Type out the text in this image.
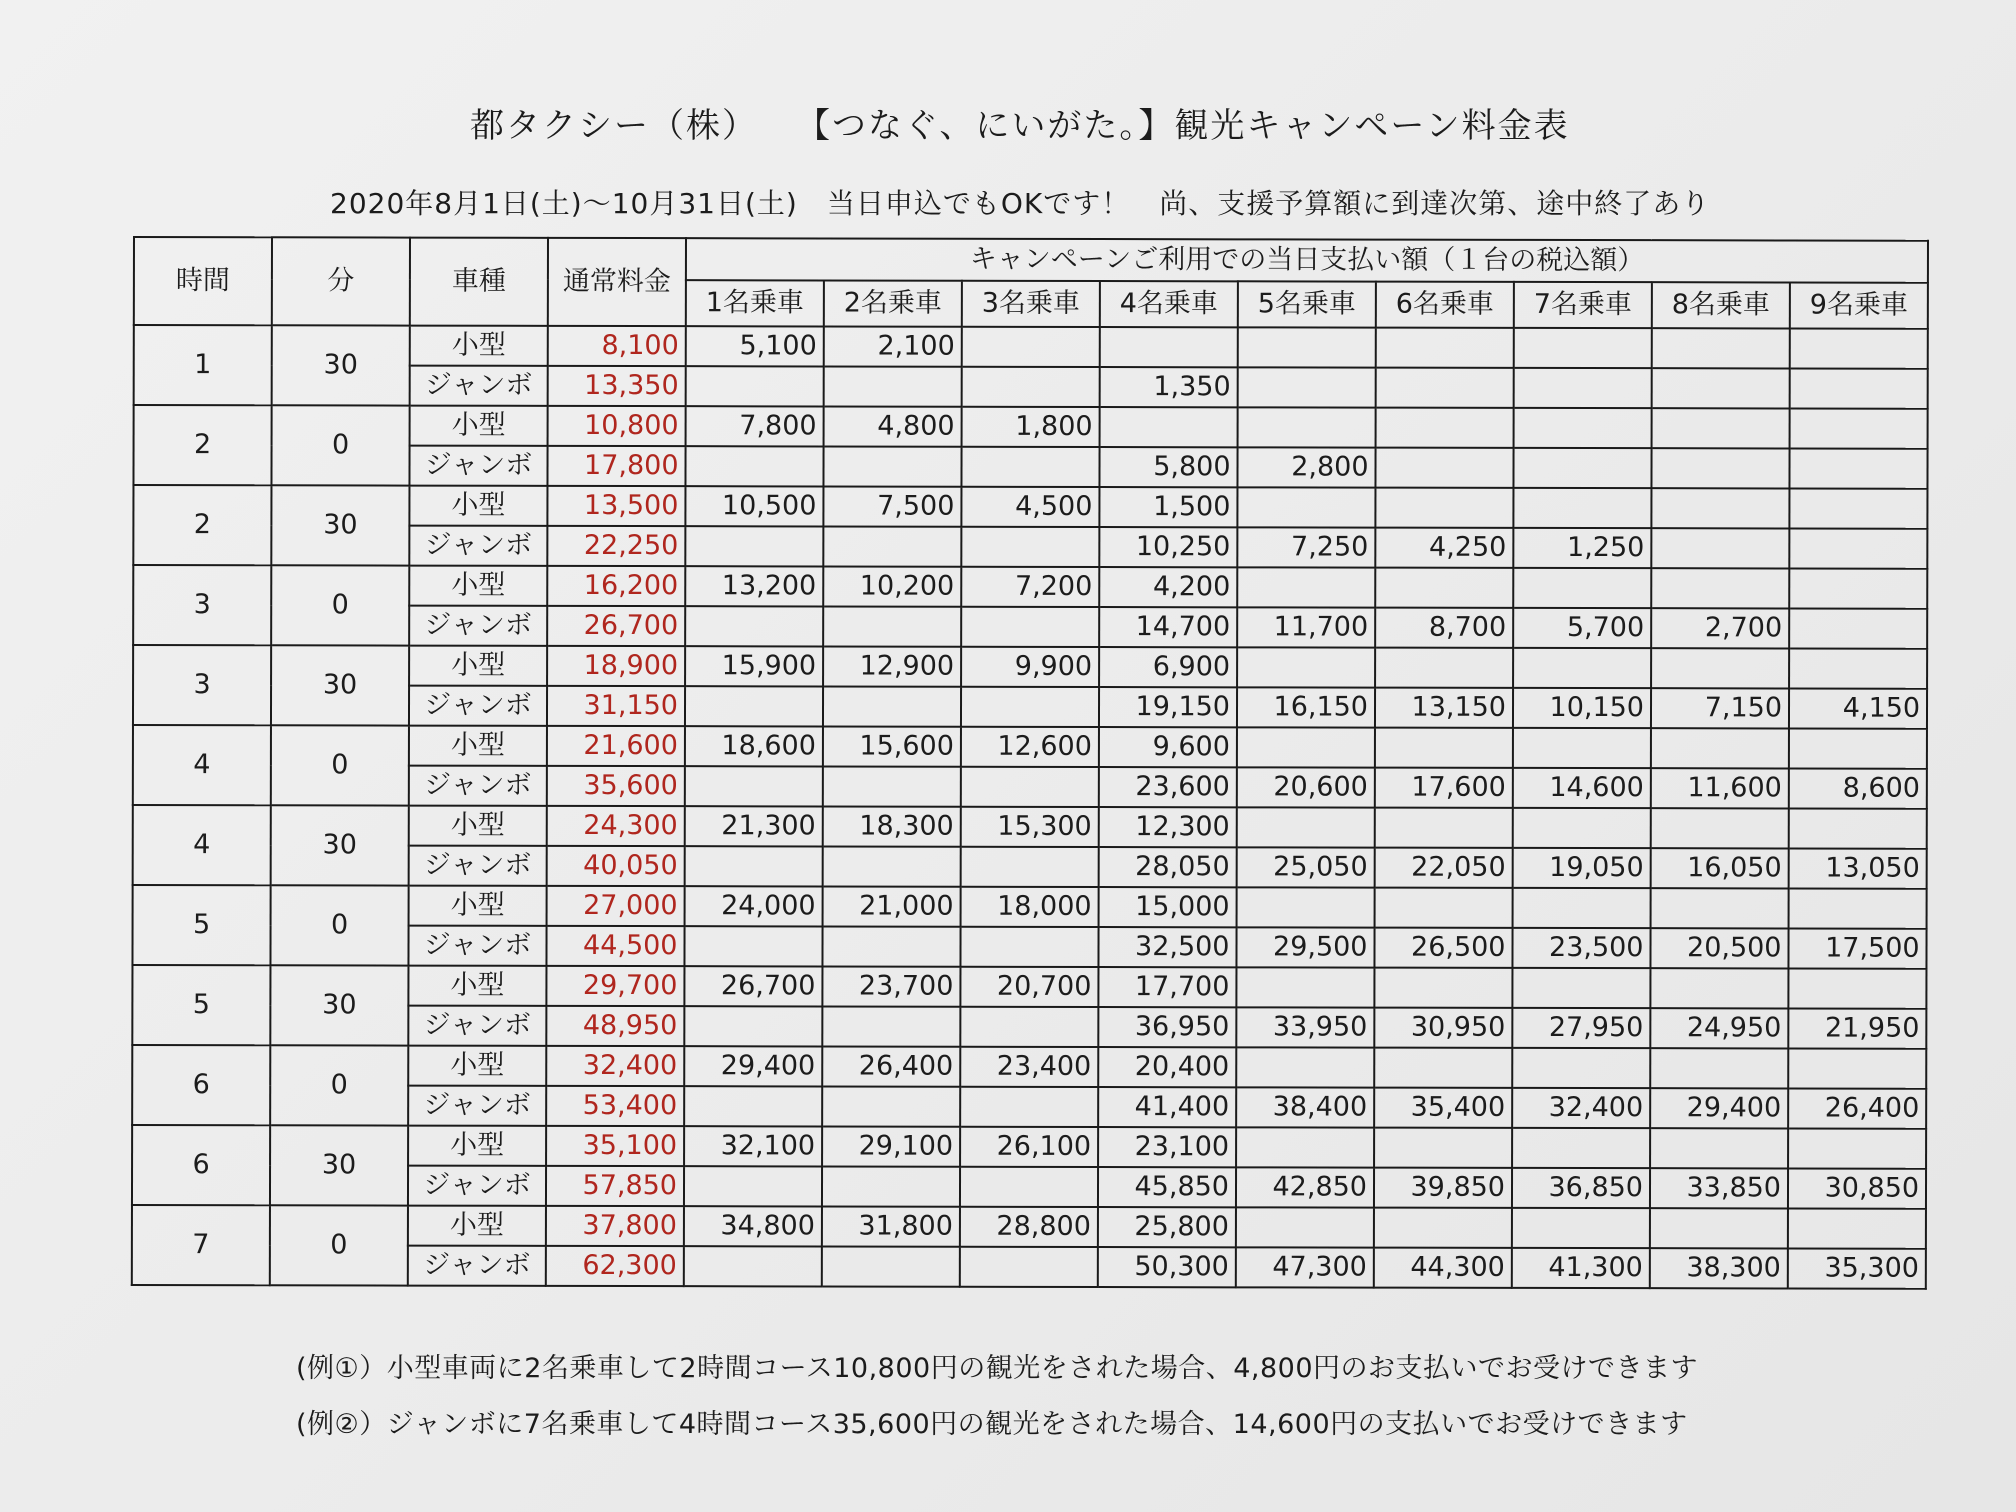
都タクシー（株）　　【つなぐ、にいがた。】観光キャンペーン料金表
2020年8月1日(土)～10月31日(土)　当日申込でもOKです！　尚、支援予算額に到達次第、途中終了あり
時間	分	車種	通常料金	キャンペーンご利用での当日支払い額（１台の税込額）								
				1名乗車	2名乗車	3名乗車	4名乗車	5名乗車	6名乗車	7名乗車	8名乗車	9名乗車
1	30	小型	8,100	5,100	2,100							
		ジャンボ	13,350				1,350					
2	0	小型	10,800	7,800	4,800	1,800						
		ジャンボ	17,800				5,800	2,800				
2	30	小型	13,500	10,500	7,500	4,500	1,500					
		ジャンボ	22,250				10,250	7,250	4,250	1,250		
3	0	小型	16,200	13,200	10,200	7,200	4,200					
		ジャンボ	26,700				14,700	11,700	8,700	5,700	2,700	
3	30	小型	18,900	15,900	12,900	9,900	6,900					
		ジャンボ	31,150				19,150	16,150	13,150	10,150	7,150	4,150
4	0	小型	21,600	18,600	15,600	12,600	9,600					
		ジャンボ	35,600				23,600	20,600	17,600	14,600	11,600	8,600
4	30	小型	24,300	21,300	18,300	15,300	12,300					
		ジャンボ	40,050				28,050	25,050	22,050	19,050	16,050	13,050
5	0	小型	27,000	24,000	21,000	18,000	15,000					
		ジャンボ	44,500				32,500	29,500	26,500	23,500	20,500	17,500
5	30	小型	29,700	26,700	23,700	20,700	17,700					
		ジャンボ	48,950				36,950	33,950	30,950	27,950	24,950	21,950
6	0	小型	32,400	29,400	26,400	23,400	20,400					
		ジャンボ	53,400				41,400	38,400	35,400	32,400	29,400	26,400
6	30	小型	35,100	32,100	29,100	26,100	23,100					
		ジャンボ	57,850				45,850	42,850	39,850	36,850	33,850	30,850
7	0	小型	37,800	34,800	31,800	28,800	25,800					
		ジャンボ	62,300				50,300	47,300	44,300	41,300	38,300	35,300
(例①）小型車両に2名乗車して2時間コース10,800円の観光をされた場合、4,800円のお支払いでお受けできます
(例②）ジャンボに7名乗車して4時間コース35,600円の観光をされた場合、14,600円の支払いでお受けできます
